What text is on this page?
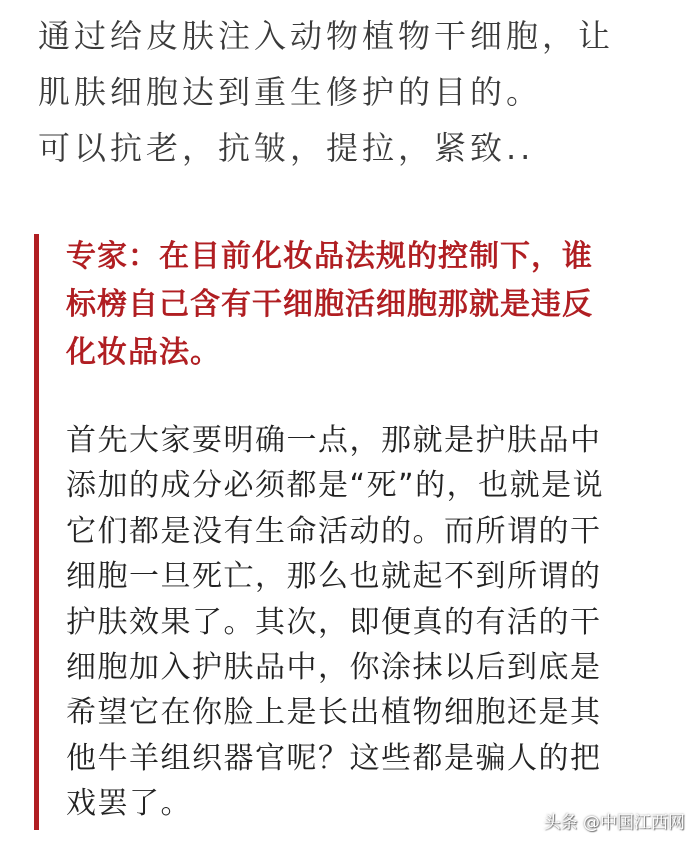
通过给皮肤注入动物植物干细胞，让
肌肤细胞达到重生修护的目的。
可以抗老，抗皱，提拉，紧致..
专家：在目前化妆品法规的控制下，谁
标榜自己含有干细胞活细胞那就是违反
化妆品法。
首先大家要明确一点，那就是护肤品中
添加的成分必须都是“死”的，也就是说
它们都是没有生命活动的。而所谓的干
细胞一旦死亡，那么也就起不到所谓的
护肤效果了。其次，即便真的有活的干
细胞加入护肤品中，你涂抹以后到底是
希望它在你脸上是长出植物细胞还是其
他牛羊组织器官呢？这些都是骗人的把
戏罢了。
头条 @中国江西网
